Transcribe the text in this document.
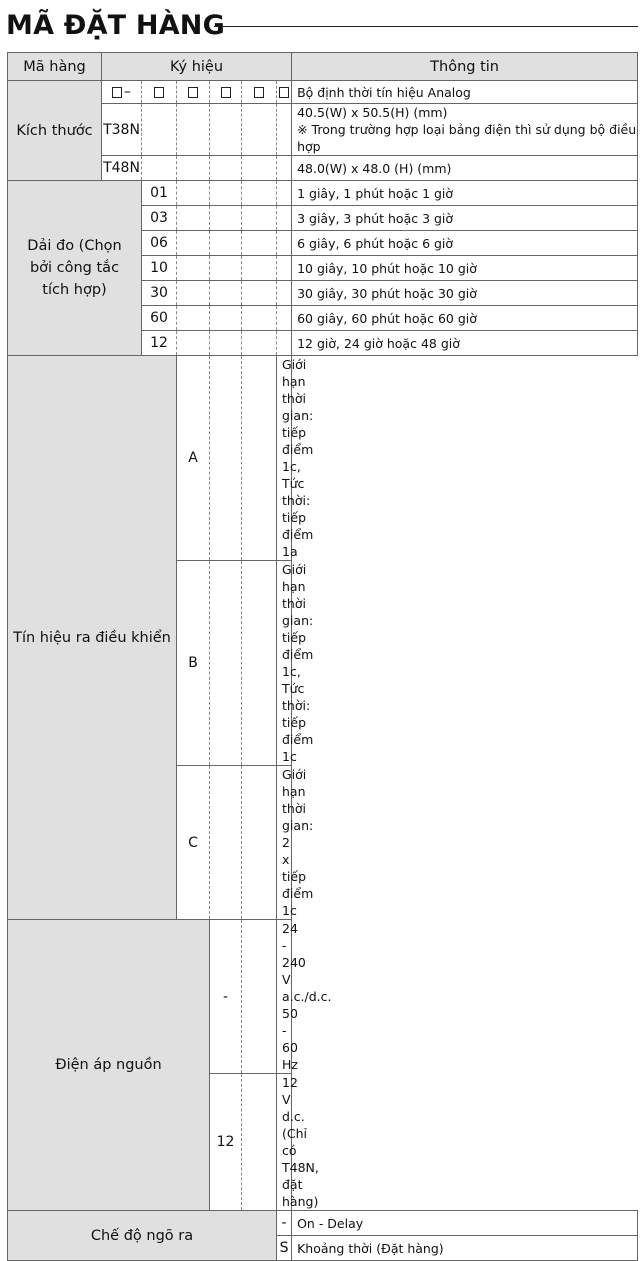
MÃ ĐẶT HÀNG
Mã hàng	Ký hiệu						Thông tin
Kích thước	–						Bộ định thời tín hiệu Analog
	T38N						40.5(W) x 50.5(H) (mm)
※ Trong trường hợp loại bảng điện thì sử dụng bộ điều hợp

	T48N						48.0(W) x 48.0 (H) (mm)
Dải đo (Chọn bởi công tắc tích hợp)		01					1 giây, 1 phút hoặc 1 giờ
		03					3 giây, 3 phút hoặc 3 giờ
		06					6 giây, 6 phút hoặc 6 giờ
		10					10 giây, 10 phút hoặc 10 giờ
		30					30 giây, 30 phút hoặc 30 giờ
		60					60 giây, 60 phút hoặc 60 giờ
		12					12 giờ, 24 giờ hoặc 48 giờ
Tín hiệu ra điều khiển			A			Giới hạn thời gian: tiếp điểm 1c, Tức thời: tiếp điểm 1a	
			B			Giới hạn thời gian: tiếp điểm 1c, Tức thời: tiếp điểm 1c	
			C			Giới hạn thời gian: 2 x tiếp điểm 1c	
Điện áp nguồn				-		24 - 240 V a.c./d.c. 50 - 60 Hz	
				12		12 V d.c. (Chỉ có T48N, đặt hàng)	
Chế độ ngõ ra						-	On - Delay
						S	Khoảng thời (Đặt hàng)
